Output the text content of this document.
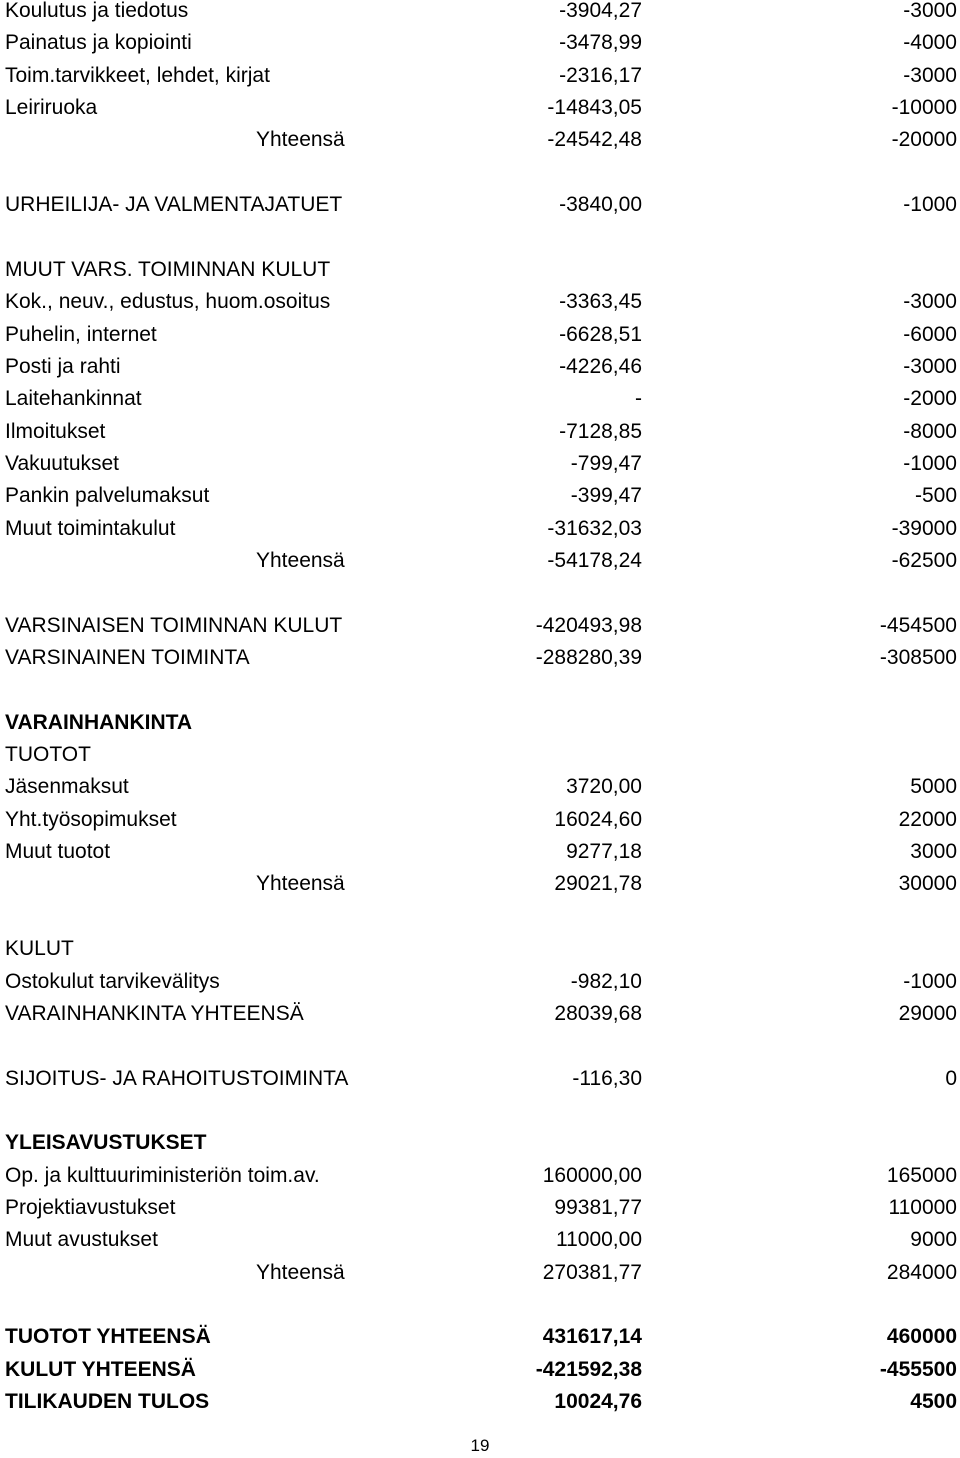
Koulutus ja tiedotus	-3904,27	-3000
Painatus ja kopiointi	-3478,99	-4000
Toim.tarvikkeet, lehdet, kirjat	-2316,17	-3000
Leiriruoka	-14843,05	-10000
Yhteensä	-24542,48	-20000
URHEILIJA- JA VALMENTAJATUET	-3840,00	-1000
MUUT VARS. TOIMINNAN KULUT
Kok., neuv., edustus, huom.osoitus	-3363,45	-3000
Puhelin, internet	-6628,51	-6000
Posti ja rahti	-4226,46	-3000
Laitehankinnat	-	-2000
Ilmoitukset	-7128,85	-8000
Vakuutukset	-799,47	-1000
Pankin palvelumaksut	-399,47	-500
Muut toimintakulut	-31632,03	-39000
Yhteensä	-54178,24	-62500
VARSINAISEN TOIMINNAN KULUT	-420493,98	-454500
VARSINAINEN TOIMINTA	-288280,39	-308500
VARAINHANKINTA
TUOTOT
Jäsenmaksut	3720,00	5000
Yht.työsopimukset	16024,60	22000
Muut tuotot	9277,18	3000
Yhteensä	29021,78	30000
KULUT
Ostokulut tarvikevälitys	-982,10	-1000
VARAINHANKINTA YHTEENSÄ	28039,68	29000
SIJOITUS- JA RAHOITUSTOIMINTA	-116,30	0
YLEISAVUSTUKSET
Op. ja kulttuuriministeriön toim.av.	160000,00	165000
Projektiavustukset	99381,77	110000
Muut avustukset	11000,00	9000
Yhteensä	270381,77	284000
TUOTOT YHTEENSÄ	431617,14	460000
KULUT YHTEENSÄ	-421592,38	-455500
TILIKAUDEN TULOS	10024,76	4500
19
